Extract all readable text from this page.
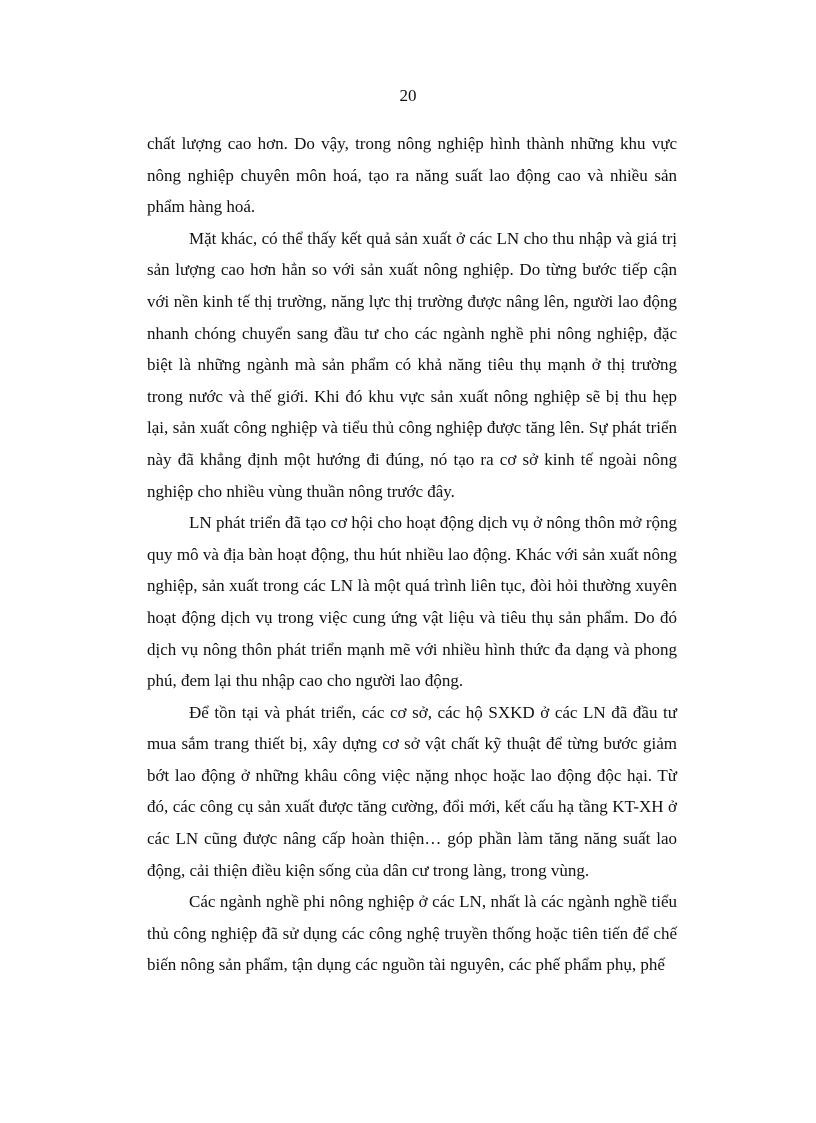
20

chất lượng cao hơn. Do vậy, trong nông nghiệp hình thành những khu vực nông nghiệp chuyên môn hoá, tạo ra năng suất lao động cao và nhiều sản phẩm hàng hoá.

Mặt khác, có thể thấy kết quả sản xuất ở các LN cho thu nhập và giá trị sản lượng cao hơn hẳn so với sản xuất nông nghiệp. Do từng bước tiếp cận với nền kinh tế thị trường, năng lực thị trường được nâng lên, người lao động nhanh chóng chuyển sang đầu tư cho các ngành nghề phi nông nghiệp, đặc biệt là những ngành mà sản phẩm có khả năng tiêu thụ mạnh ở thị trường trong nước và thế giới. Khi đó khu vực sản xuất nông nghiệp sẽ bị thu hẹp lại, sản xuất công nghiệp và tiểu thủ công nghiệp được tăng lên. Sự phát triển này đã khẳng định một hướng đi đúng, nó tạo ra cơ sở kinh tế ngoài nông nghiệp cho nhiều vùng thuần nông trước đây.

LN phát triển đã tạo cơ hội cho hoạt động dịch vụ ở nông thôn mở rộng quy mô và địa bàn hoạt động, thu hút nhiều lao động. Khác với sản xuất nông nghiệp, sản xuất trong các LN là một quá trình liên tục, đòi hỏi thường xuyên hoạt động dịch vụ trong việc cung ứng vật liệu và tiêu thụ sản phẩm. Do đó dịch vụ nông thôn phát triển mạnh mẽ với nhiều hình thức đa dạng và phong phú, đem lại thu nhập cao cho người lao động.

Để tồn tại và phát triển, các cơ sở, các hộ SXKD ở các LN đã đầu tư mua sắm trang thiết bị, xây dựng cơ sở vật chất kỹ thuật để từng bước giảm bớt lao động ở những khâu công việc nặng nhọc hoặc lao động độc hại. Từ đó, các công cụ sản xuất được tăng cường, đổi mới, kết cấu hạ tầng KT-XH ở các LN cũng được nâng cấp hoàn thiện… góp phần làm tăng năng suất lao động, cải thiện điều kiện sống của dân cư trong làng, trong vùng.

Các ngành nghề phi nông nghiệp ở các LN, nhất là các ngành nghề tiểu thủ công nghiệp đã sử dụng các công nghệ truyền thống hoặc tiên tiến để chế biến nông sản phẩm, tận dụng các nguồn tài nguyên, các phế phẩm phụ, phế
